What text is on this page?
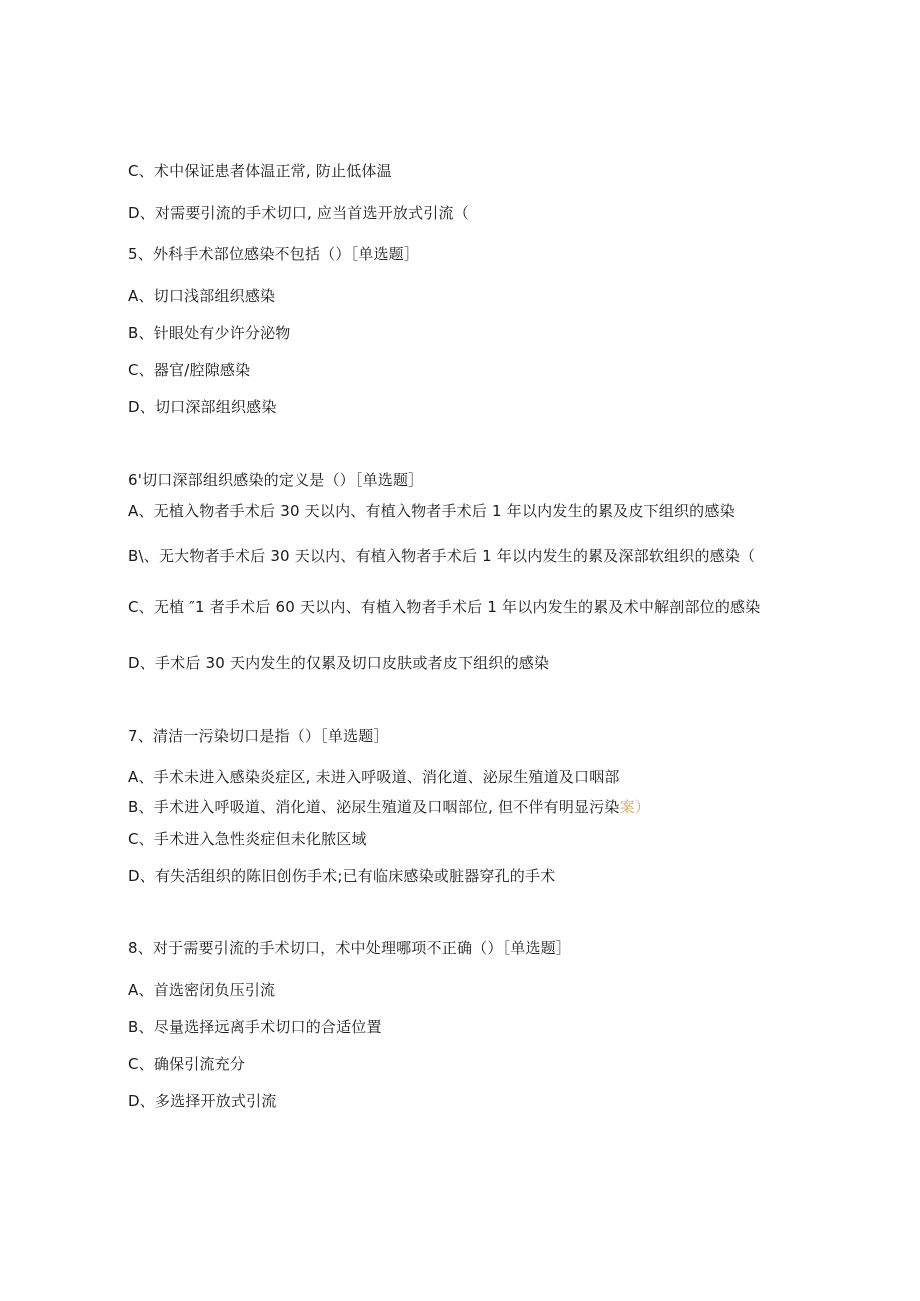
C、术中保证患者体温正常, 防止低体温
D、对需要引流的手术切口, 应当首选开放式引流（
5、外科手术部位感染不包括（）［单选题］
A、切口浅部组织感染
B、针眼处有少许分泌物
C、器官/腔隙感染
D、切口深部组织感染
6'切口深部组织感染的定义是（）［单选题］
A、无植入物者手术后 30 天以内、有植入物者手术后 1 年以内发生的累及皮下组织的感染
B\、无大物者手术后 30 天以内、有植入物者手术后 1 年以内发生的累及深部软组织的感染（
C、无植 ″1 者手术后 60 天以内、有植入物者手术后 1 年以内发生的累及术中解剖部位的感染
D、手术后 30 天内发生的仅累及切口皮肤或者皮下组织的感染
7、清洁一污染切口是指（）［单选题］
A、手术未进入感染炎症区, 未进入呼吸道、消化道、泌尿生殖道及口咽部
B、手术进入呼吸道、消化道、泌尿生殖道及口咽部位, 但不伴有明显污染案）
C、手术进入急性炎症但未化脓区域
D、有失活组织的陈旧创伤手术;已有临床感染或脏器穿孔的手术
8、对于需要引流的手术切口，术中处理哪项不正确（）［单选题］
A、首选密闭负压引流
B、尽量选择远离手术切口的合适位置
C、确保引流充分
D、多选择开放式引流
